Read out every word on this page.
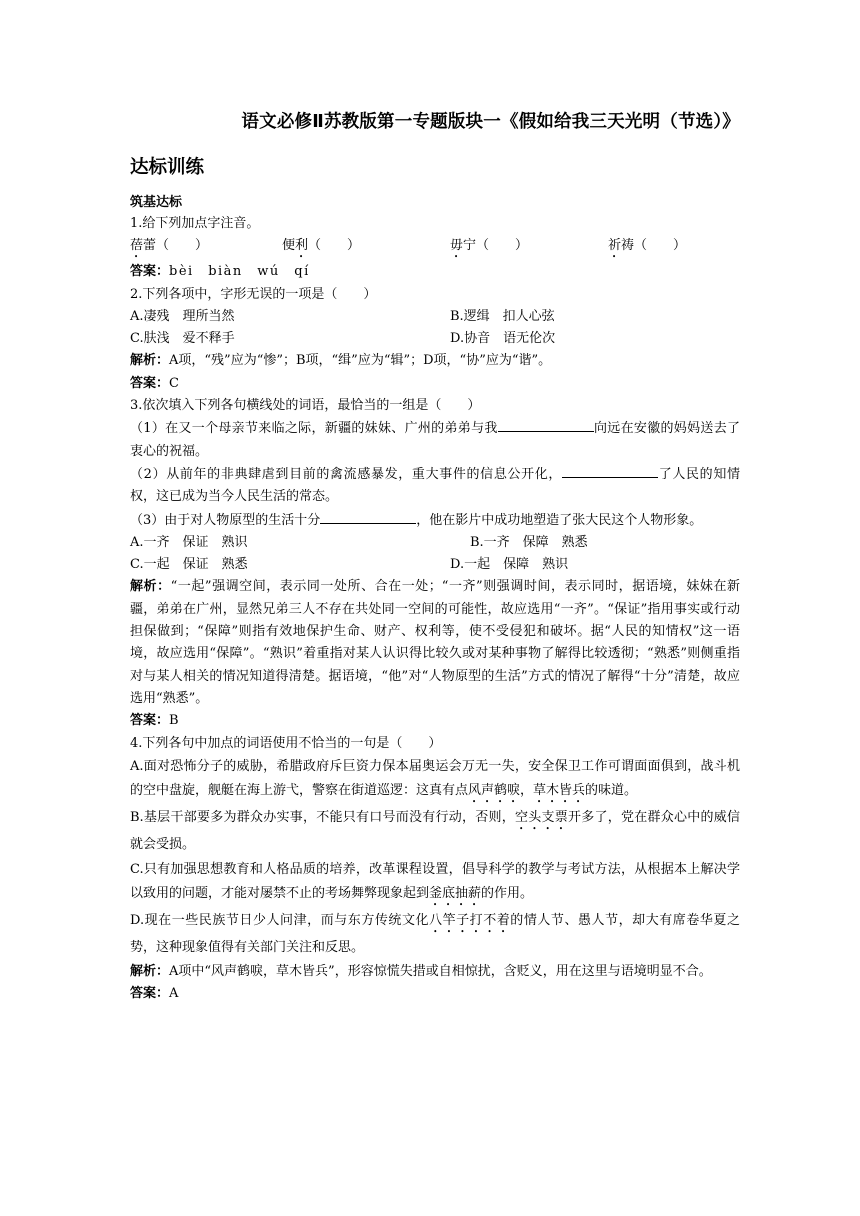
语文必修Ⅱ苏教版第一专题版块一《假如给我三天光明（节选）》
达标训练
筑基达标
1.给下列加点字注音。
蓓蕾（　　）	便利（　　）	毋宁（　　）	祈祷（　　）
答案：bèi　biàn　wú　qí
2.下列各项中，字形无误的一项是（　　）
A.凄残　理所当然	B.逻缉　扣人心弦
C.肤浅　爱不释手	D.协音　语无伦次
解析：A项，“残”应为“惨”；B项，“缉”应为“辑”；D项，“协”应为“谐”。
答案：C
3.依次填入下列各句横线处的词语，最恰当的一组是（　　）
（1）在又一个母亲节来临之际，新疆的妹妹、广州的弟弟与我	向远在安徽的妈妈送去了衷心的祝福。
（2）从前年的非典肆虐到目前的禽流感暴发，重大事件的信息公开化，	了人民的知情权，这已成为当今人民生活的常态。
（3）由于对人物原型的生活十分	，他在影片中成功地塑造了张大民这个人物形象。
A.一齐　保证　熟识	B.一齐　保障　熟悉
C.一起　保证　熟悉	D.一起　保障　熟识
解析：“一起”强调空间，表示同一处所、合在一处；“一齐”则强调时间，表示同时，据语境，妹妹在新疆，弟弟在广州，显然兄弟三人不存在共处同一空间的可能性，故应选用“一齐”。“保证”指用事实或行动担保做到；“保障”则指有效地保护生命、财产、权利等，使不受侵犯和破坏。据“人民的知情权”这一语境，故应选用“保障”。“熟识”着重指对某人认识得比较久或对某种事物了解得比较透彻；“熟悉”则侧重指对与某人相关的情况知道得清楚。据语境，“他”对“人物原型的生活”方式的情况了解得“十分”清楚，故应选用“熟悉”。
答案：B
4.下列各句中加点的词语使用不恰当的一句是（　　）
A.面对恐怖分子的威胁，希腊政府斥巨资力保本届奥运会万无一失，安全保卫工作可谓面面俱到，战斗机的空中盘旋，舰艇在海上游弋，警察在街道巡逻：这真有点风声鹤唳，草木皆兵的味道。
B.基层干部要多为群众办实事，不能只有口号而没有行动，否则，空头支票开多了，党在群众心中的威信就会受损。
C.只有加强思想教育和人格品质的培养，改革课程设置，倡导科学的教学与考试方法，从根据本上解决学以致用的问题，才能对屡禁不止的考场舞弊现象起到釜底抽薪的作用。
D.现在一些民族节日少人问津，而与东方传统文化八竿子打不着的情人节、愚人节，却大有席卷华夏之势，这种现象值得有关部门关注和反思。
解析：A项中“风声鹤唳，草木皆兵”，形容惊慌失措或自相惊扰，含贬义，用在这里与语境明显不合。
答案：A
